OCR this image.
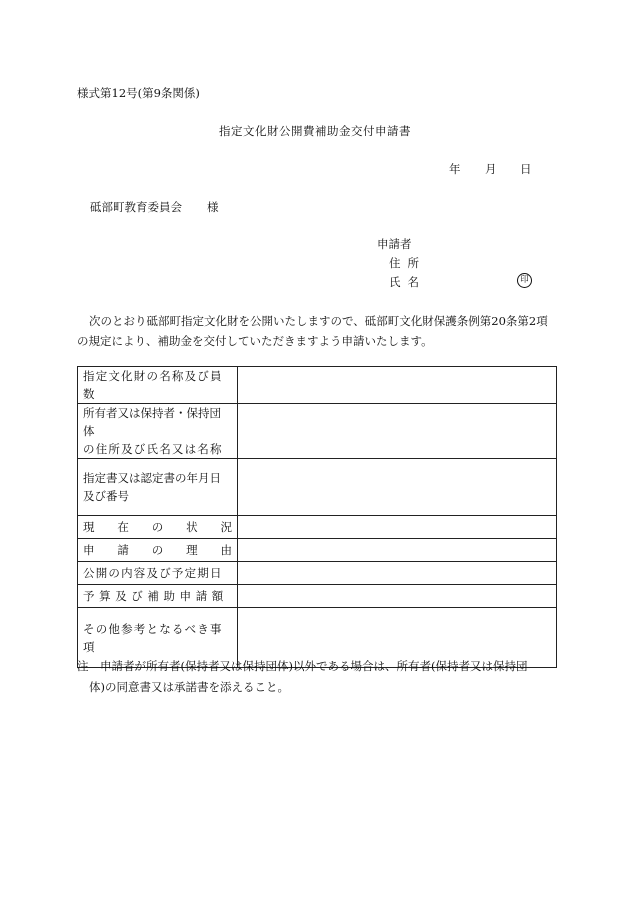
様式第12号(第9条関係)
指定文化財公開費補助金交付申請書
年 月 日
砥部町教育委員会 様
申請者
住所
氏名	印
次のとおり砥部町指定文化財を公開いたしますので、砥部町文化財保護条例第20条第2項
の規定により、補助金を交付していただきますよう申請いたします。
指定文化財の名称及び員数	

所有者又は保持者・保持団体
の住所及び氏名又は名称	

指定書又は認定書の年月日
及び番号	

現 在 の 状 況	

申 請 の 理 由	

公開の内容及び予定期日	
予算及び補助申請額	
その他参考となるべき事項	
注　申請者が所有者(保持者又は保持団体)以外である場合は、所有者(保持者又は保持団
体)の同意書又は承諾書を添えること。
